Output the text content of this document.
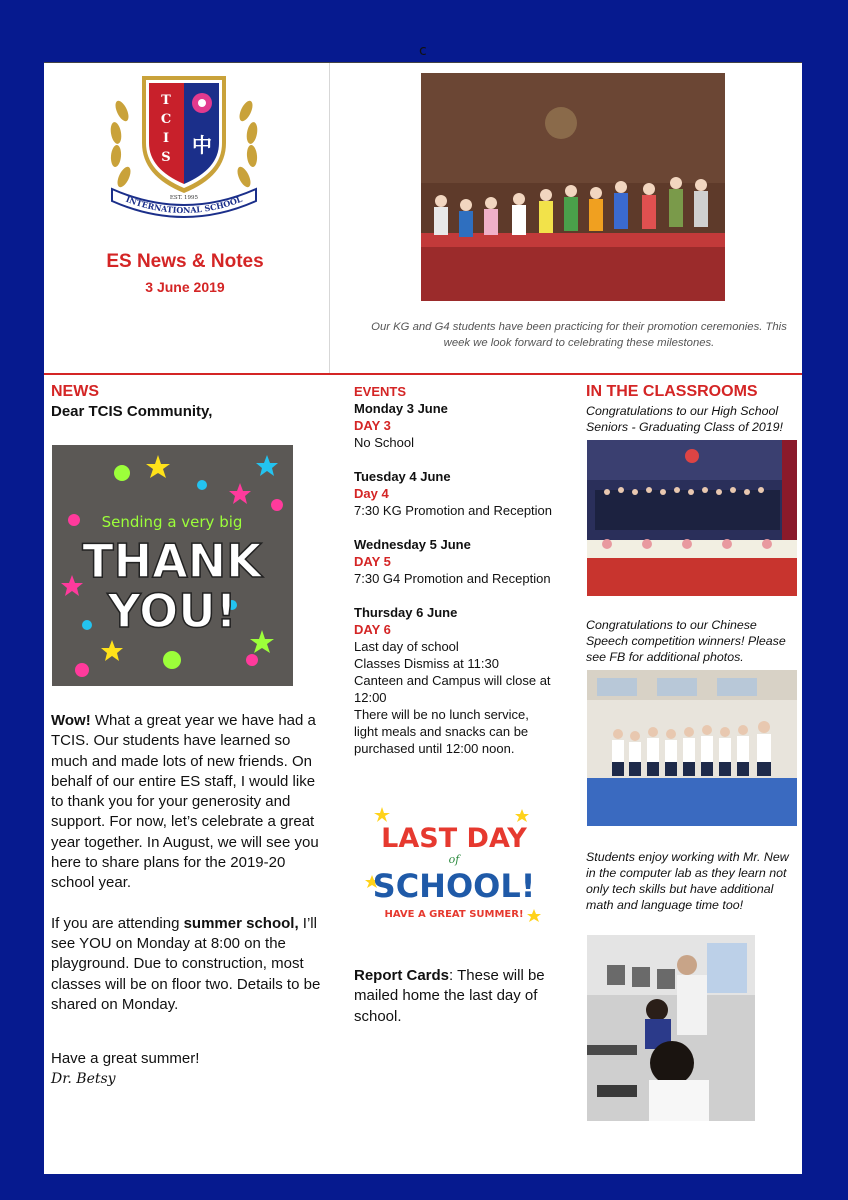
c
T
C
I
S
中
EST. 1995
INTERNATIONAL SCHOOL
ES News & Notes
3 June 2019
Our KG and G4 students have been practicing for their promotion ceremonies. This week we look forward to celebrating these milestones.
NEWS
Dear TCIS Community,
Sending a very big
THANK
YOU!

Wow! What a great year we have had a TCIS. Our students have learned so much and made lots of new friends. On behalf of our entire ES staff, I would like to thank you for your generosity and support. For now, let’s celebrate a great year together. In August, we will see you here to share plans for the 2019-20 school year.

If you are attending summer school, I’ll see YOU on Monday at 8:00 on the playground. Due to construction, most classes will be on floor two. Details to be shared on Monday.

Have a great summer!
Dr. Betsy
EVENTS
Monday 3 June
DAY 3
No School
Tuesday 4 June
Day 4
7:30 KG Promotion and Reception
Wednesday 5 June
DAY 5
7:30 G4 Promotion and Reception
Thursday 6 June
DAY 6
Last day of school
Classes Dismiss at 11:30
Canteen and Campus will close at 12:00
There will be no lunch service, light meals and snacks can be purchased until 12:00 noon.
LAST DAY
of
SCHOOL!
HAVE A GREAT SUMMER!
Report Cards: These will be mailed home the last day of school.
IN THE CLASSROOMS
Congratulations to our High School Seniors - Graduating Class of 2019!
Congratulations to our Chinese Speech competition winners! Please see FB for additional photos.
Students enjoy working with Mr. New in the computer lab as they learn not only tech skills but have additional math and language time too!
